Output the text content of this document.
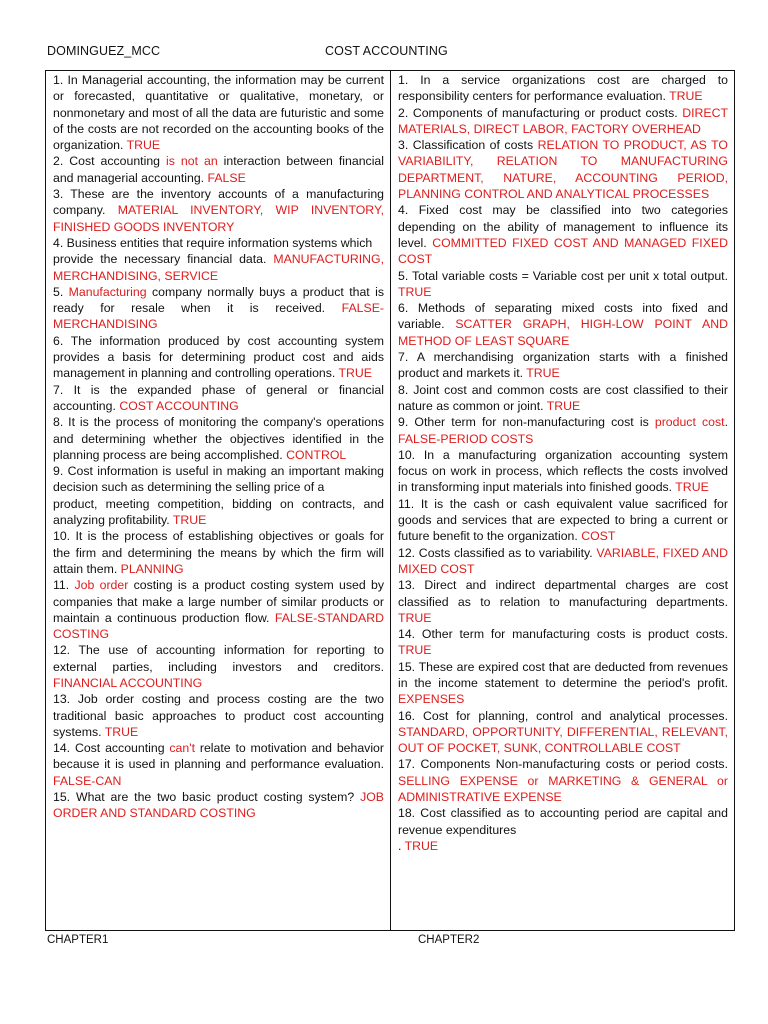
DOMINGUEZ_MCC	COST ACCOUNTING

1. In Managerial accounting, the information may be current or forecasted, quantitative or qualitative, monetary, or nonmonetary and most of all the data are futuristic and some of the costs are not recorded on the accounting books of the organization. TRUE

2. Cost accounting is not an interaction between financial and managerial accounting. FALSE

3. These are the inventory accounts of a manufacturing company. MATERIAL INVENTORY, WIP INVENTORY, FINISHED GOODS INVENTORY

4. Business entities that require information systems which
provide the necessary financial data. MANUFACTURING, MERCHANDISING, SERVICE

5. Manufacturing company normally buys a product that is ready for resale when it is received. FALSE-MERCHANDISING

6. The information produced by cost accounting system provides a basis for determining product cost and aids management in planning and controlling operations. TRUE

7. It is the expanded phase of general or financial accounting. COST ACCOUNTING

8. It is the process of monitoring the company's operations and determining whether the objectives identified in the planning process are being accomplished. CONTROL

9. Cost information is useful in making an important making decision such as determining the selling price of a
product, meeting competition, bidding on contracts, and analyzing profitability. TRUE

10. It is the process of establishing objectives or goals for the firm and determining the means by which the firm will attain them. PLANNING

11. Job order costing is a product costing system used by companies that make a large number of similar products or maintain a continuous production flow. FALSE-STANDARD COSTING

12. The use of accounting information for reporting to external parties, including investors and creditors. FINANCIAL ACCOUNTING

13. Job order costing and process costing are the two traditional basic approaches to product cost accounting systems. TRUE

14. Cost accounting can't relate to motivation and behavior because it is used in planning and performance evaluation. FALSE-CAN

15. What are the two basic product costing system? JOB ORDER AND STANDARD COSTING

1. In a service organizations cost are charged to responsibility centers for performance evaluation. TRUE

2. Components of manufacturing or product costs. DIRECT MATERIALS, DIRECT LABOR, FACTORY OVERHEAD

3. Classification of costs RELATION TO PRODUCT, AS TO VARIABILITY, RELATION TO MANUFACTURING DEPARTMENT, NATURE, ACCOUNTING PERIOD, PLANNING CONTROL AND ANALYTICAL PROCESSES

4. Fixed cost may be classified into two categories depending on the ability of management to influence its level. COMMITTED FIXED COST AND MANAGED FIXED COST

5. Total variable costs = Variable cost per unit x total output. TRUE

6. Methods of separating mixed costs into fixed and variable. SCATTER GRAPH, HIGH-LOW POINT AND METHOD OF LEAST SQUARE

7. A merchandising organization starts with a finished product and markets it. TRUE

8. Joint cost and common costs are cost classified to their nature as common or joint. TRUE

9. Other term for non-manufacturing cost is product cost. FALSE-PERIOD COSTS

10. In a manufacturing organization accounting system focus on work in process, which reflects the costs involved in transforming input materials into finished goods. TRUE

11. It is the cash or cash equivalent value sacrificed for goods and services that are expected to bring a current or future benefit to the organization. COST

12. Costs classified as to variability. VARIABLE, FIXED AND MIXED COST

13. Direct and indirect departmental charges are cost classified as to relation to manufacturing departments. TRUE

14. Other term for manufacturing costs is product costs. TRUE

15. These are expired cost that are deducted from revenues in the income statement to determine the period's profit. EXPENSES

16. Cost for planning, control and analytical processes. STANDARD, OPPORTUNITY, DIFFERENTIAL, RELEVANT, OUT OF POCKET, SUNK, CONTROLLABLE COST

17. Components Non-manufacturing costs or period costs. SELLING EXPENSE or MARKETING & GENERAL or ADMINISTRATIVE EXPENSE

18. Cost classified as to accounting period are capital and revenue expenditures
. TRUE

CHAPTER1	CHAPTER2
